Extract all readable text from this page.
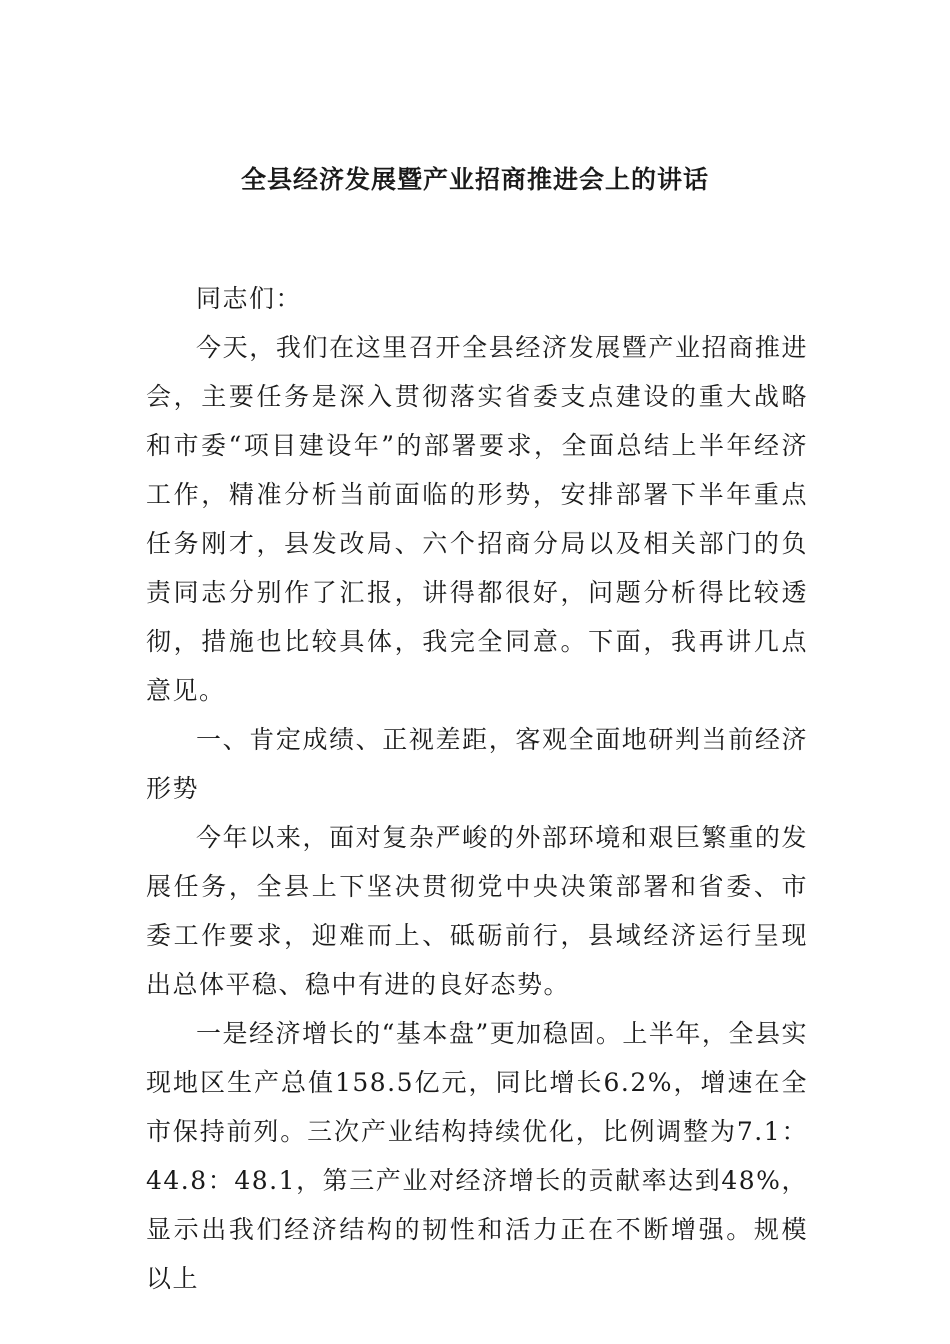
全县经济发展暨产业招商推进会上的讲话

同志们：

今天，我们在这里召开全县经济发展暨产业招商推进会，主要任务是深入贯彻落实省委支点建设的重大战略和市委“项目建设年”的部署要求，全面总结上半年经济工作，精准分析当前面临的形势，安排部署下半年重点任务刚才，县发改局、六个招商分局以及相关部门的负责同志分别作了汇报，讲得都很好，问题分析得比较透彻，措施也比较具体，我完全同意。下面，我再讲几点意见。

一、肯定成绩、正视差距，客观全面地研判当前经济形势

今年以来，面对复杂严峻的外部环境和艰巨繁重的发展任务，全县上下坚决贯彻党中央决策部署和省委、市委工作要求，迎难而上、砥砺前行，县域经济运行呈现出总体平稳、稳中有进的良好态势。

一是经济增长的“基本盘”更加稳固。上半年，全县实现地区生产总值158.5亿元，同比增长6.2%，增速在全市保持前列。三次产业结构持续优化，比例调整为7.1：44.8：48.1，第三产业对经济增长的贡献率达到48%，显示出我们经济结构的韧性和活力正在不断增强。规模以上
